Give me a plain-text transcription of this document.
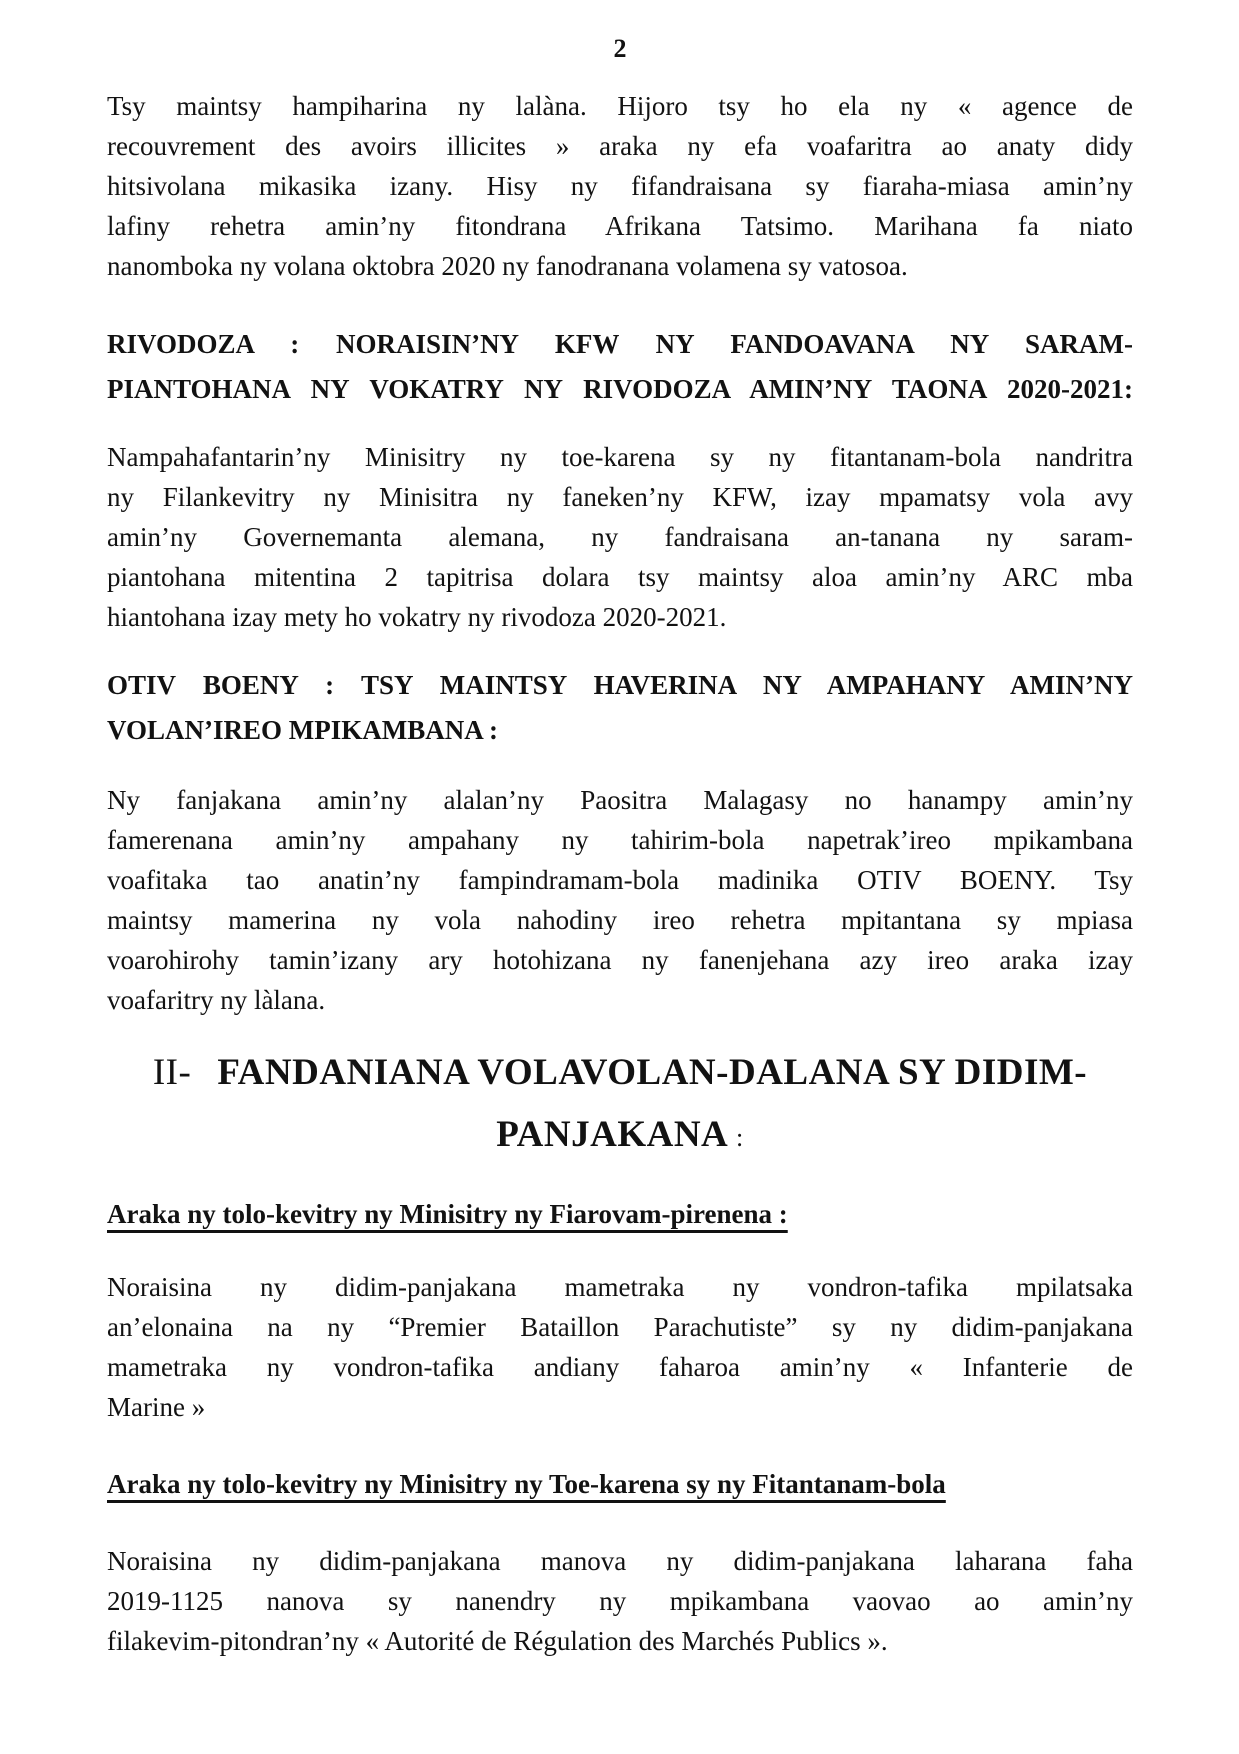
2
Tsy maintsy hampiharina ny lalàna. Hijoro tsy ho ela ny « agence de
recouvrement des avoirs illicites » araka ny efa voafaritra ao anaty didy
hitsivolana mikasika izany. Hisy ny fifandraisana sy fiaraha-miasa amin’ny
lafiny rehetra amin’ny fitondrana Afrikana Tatsimo. Marihana fa niato
nanomboka ny volana oktobra 2020 ny fanodranana volamena sy vatosoa.
RIVODOZA : NORAISIN’NY KFW NY FANDOAVANA NY SARAM-
PIANTOHANA NY VOKATRY NY RIVODOZA AMIN’NY TAONA 2020-2021:
Nampahafantarin’ny Minisitry ny toe-karena sy ny fitantanam-bola nandritra
ny Filankevitry ny Minisitra ny faneken’ny KFW, izay mpamatsy vola avy
amin’ny Governemanta alemana, ny fandraisana an-tanana ny saram-
piantohana mitentina 2 tapitrisa dolara tsy maintsy aloa amin’ny ARC mba
hiantohana izay mety ho vokatry ny rivodoza 2020-2021.
OTIV BOENY : TSY MAINTSY HAVERINA NY AMPAHANY AMIN’NY
VOLAN’IREO MPIKAMBANA :
Ny fanjakana amin’ny alalan’ny Paositra Malagasy no hanampy amin’ny
famerenana amin’ny ampahany ny tahirim-bola napetrak’ireo mpikambana
voafitaka tao anatin’ny fampindramam-bola madinika OTIV BOENY. Tsy
maintsy mamerina ny vola nahodiny ireo rehetra mpitantana sy mpiasa
voarohirohy tamin’izany ary hotohizana ny fanenjehana azy ireo araka izay
voafaritry ny làlana.
II- FANDANIANA VOLAVOLAN-DALANA SY DIDIM-
PANJAKANA :
Araka ny tolo-kevitry ny Minisitry ny Fiarovam-pirenena :
Noraisina ny didim-panjakana mametraka ny vondron-tafika mpilatsaka
an’elonaina na ny “Premier Bataillon Parachutiste” sy ny didim-panjakana
mametraka ny vondron-tafika andiany faharoa amin’ny « Infanterie de
Marine »
Araka ny tolo-kevitry ny Minisitry ny Toe-karena sy ny Fitantanam-bola
Noraisina ny didim-panjakana manova ny didim-panjakana laharana faha
2019-1125 nanova sy nanendry ny mpikambana vaovao ao amin’ny
filakevim-pitondran’ny « Autorité de Régulation des Marchés Publics ».
